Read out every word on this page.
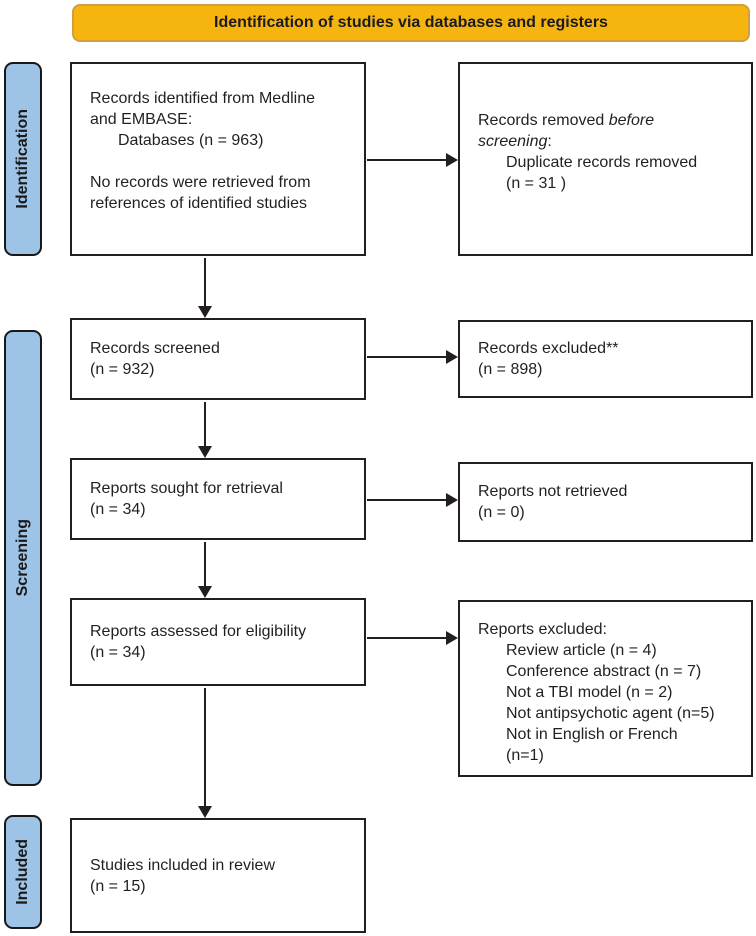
Identification of studies via databases and registers
Identification
Screening
Included
Records identified from Medline
and EMBASE:
Databases (n = 963)
No records were retrieved from
references of identified studies
Records removed before
screening:
Duplicate records removed
(n = 31 )
Records screened
(n = 932)
Records excluded**
(n = 898)
Reports sought for retrieval
(n = 34)
Reports not retrieved
(n = 0)
Reports assessed for eligibility
(n = 34)
Reports excluded:
Review article (n = 4)
Conference abstract (n = 7)
Not a TBI model (n = 2)
Not antipsychotic agent (n=5)
Not in English or French
(n=1)
Studies included in review
(n = 15)
